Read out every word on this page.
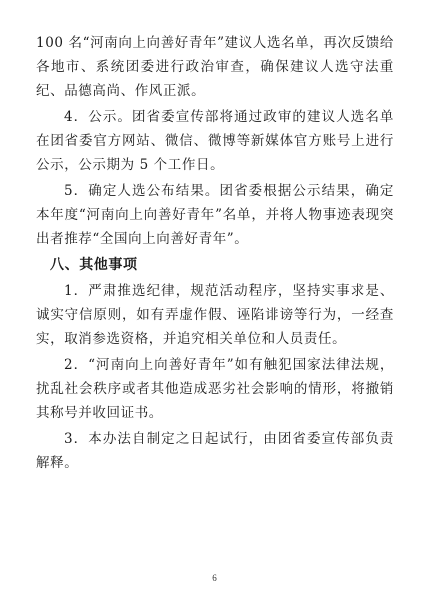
100 名“河南向上向善好青年”建议人选名单，再次反馈给各地市、系统团委进行政治审查，确保建议人选守法重纪、品德高尚、作风正派。

4．公示。团省委宣传部将通过政审的建议人选名单在团省委官方网站、微信、微博等新媒体官方账号上进行公示，公示期为 5 个工作日。

5．确定人选公布结果。团省委根据公示结果，确定本年度“河南向上向善好青年”名单，并将人物事迹表现突出者推荐“全国向上向善好青年”。

八、其他事项

1．严肃推选纪律，规范活动程序，坚持实事求是、诚实守信原则，如有弄虚作假、诬陷诽谤等行为，一经查实，取消参选资格，并追究相关单位和人员责任。

2．“河南向上向善好青年”如有触犯国家法律法规，扰乱社会秩序或者其他造成恶劣社会影响的情形，将撤销其称号并收回证书。

3．本办法自制定之日起试行，由团省委宣传部负责解释。

6
